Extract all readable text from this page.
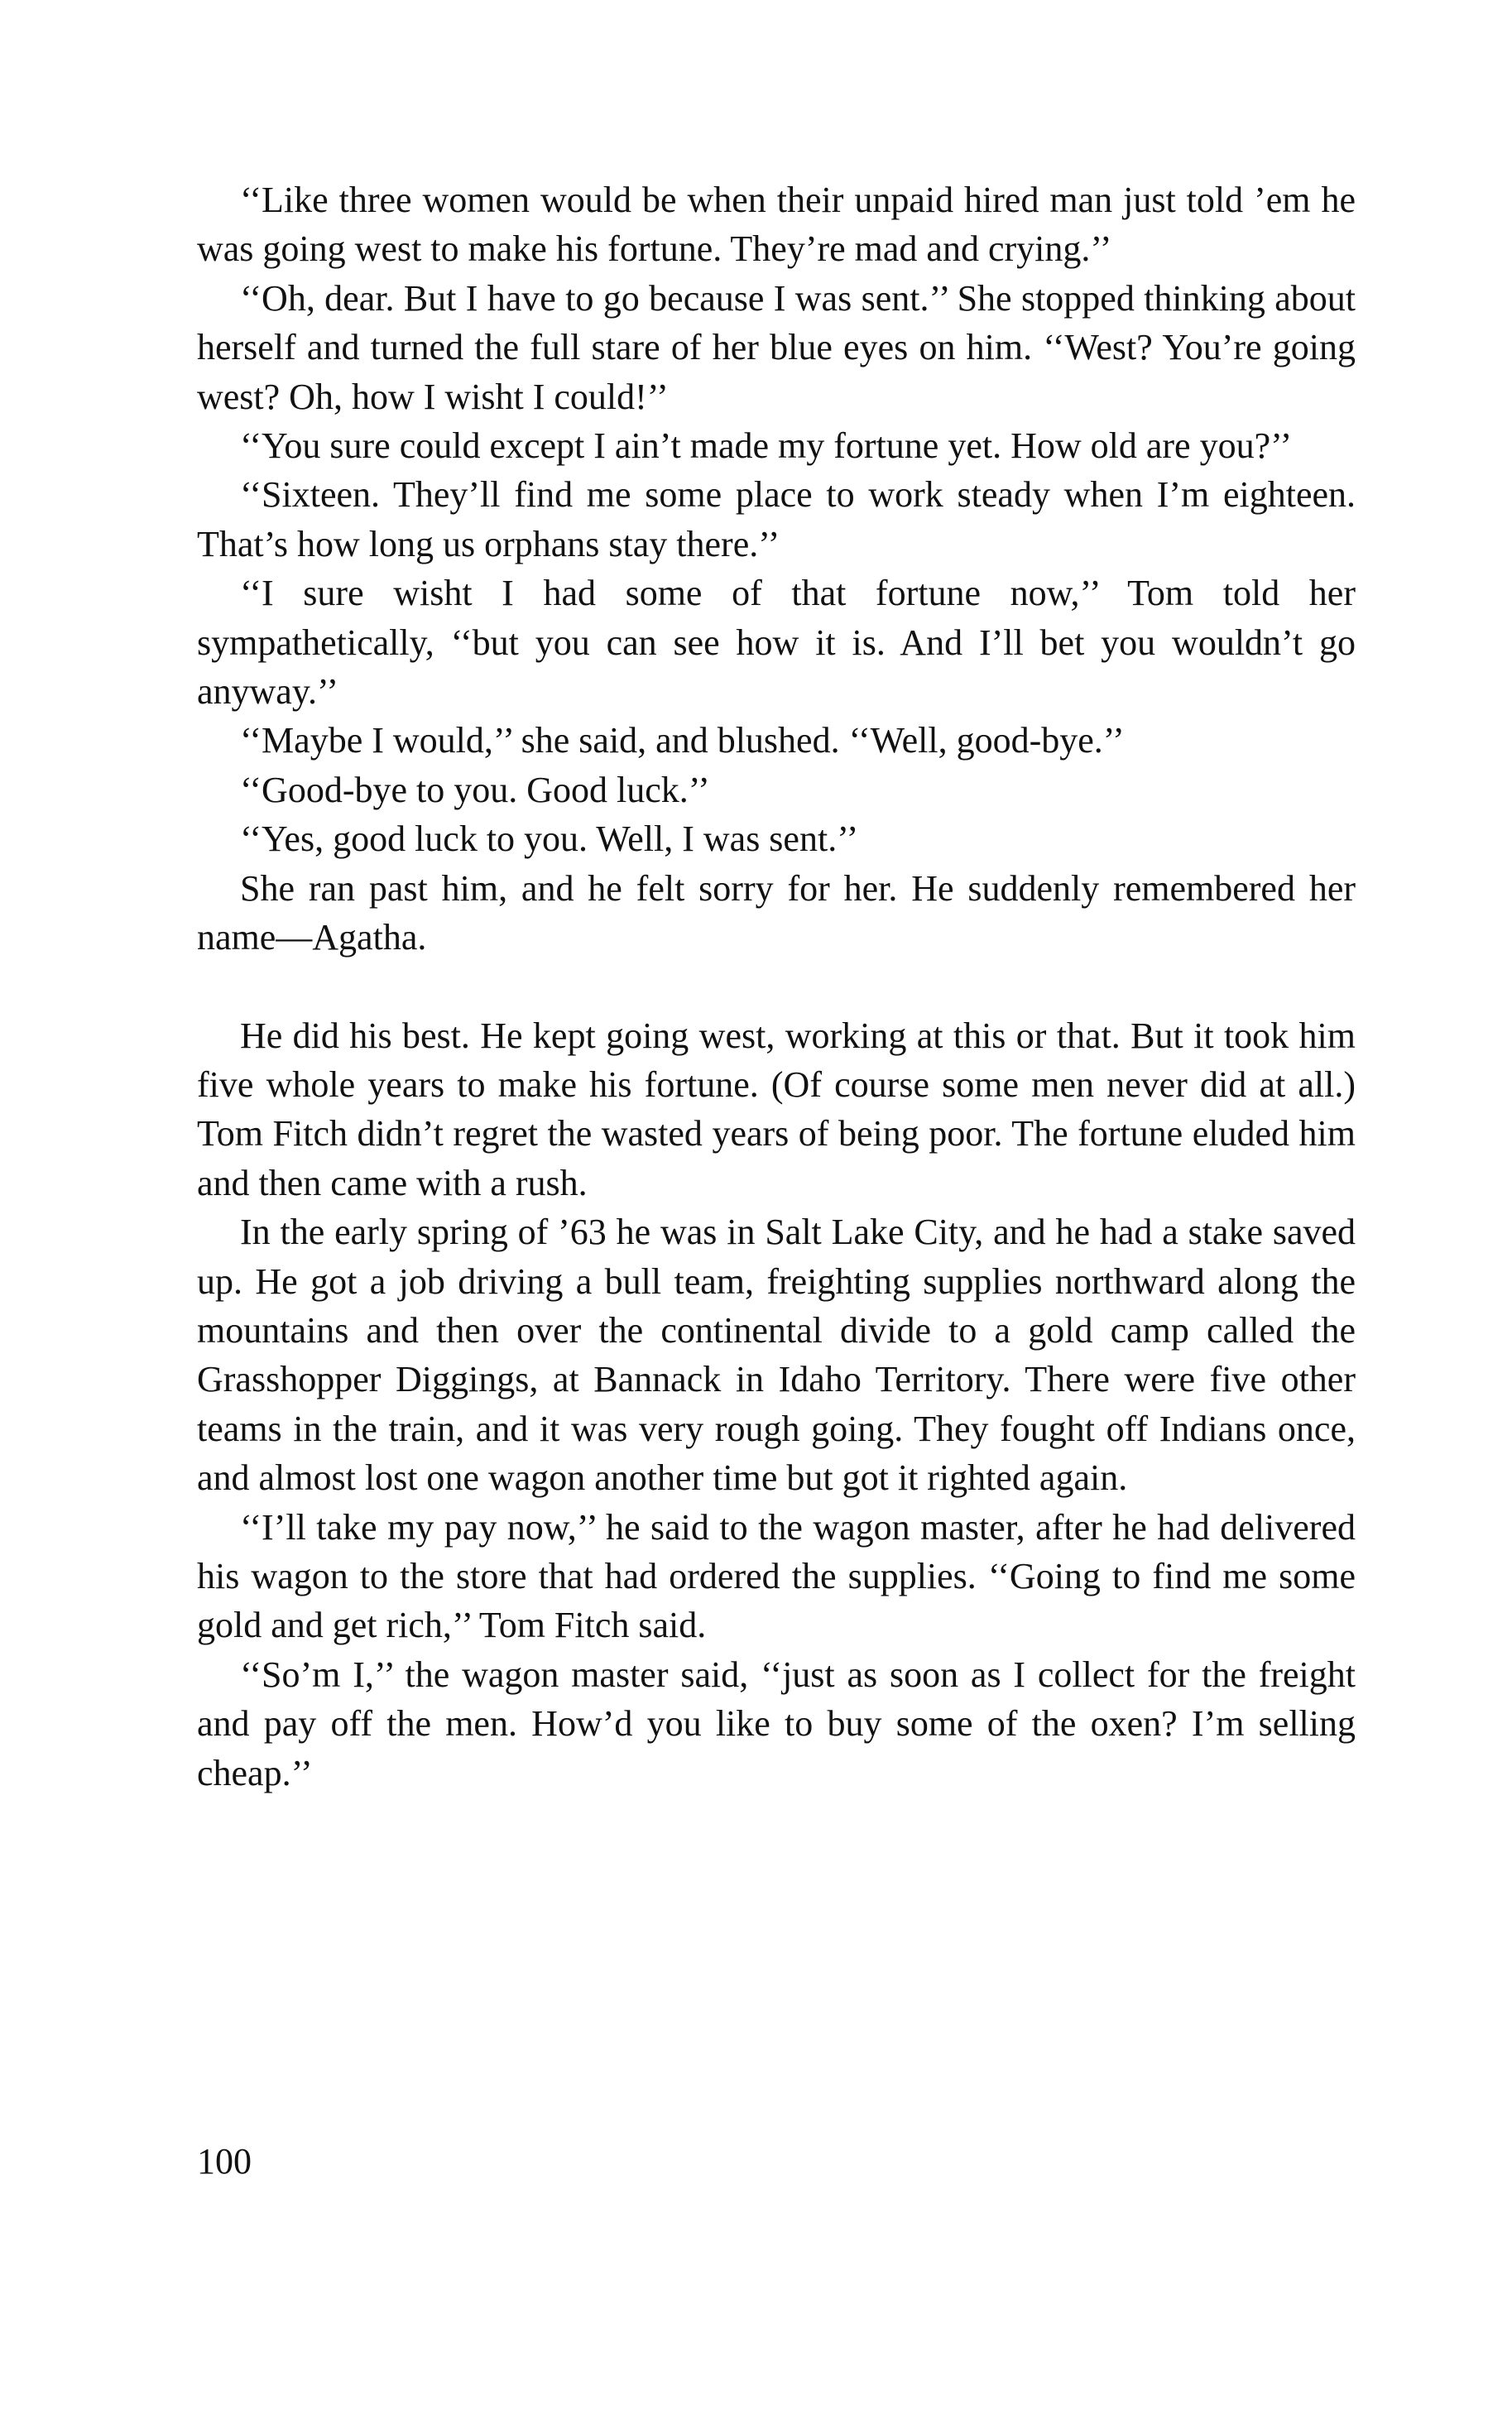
‘‘Like three women would be when their unpaid hired man just told ’em he was going west to make his fortune. They’re mad and crying.’’

‘‘Oh, dear. But I have to go because I was sent.’’ She stopped thinking about herself and turned the full stare of her blue eyes on him. ‘‘West? You’re going west? Oh, how I wisht I could!’’

‘‘You sure could except I ain’t made my fortune yet. How old are you?’’

‘‘Sixteen. They’ll find me some place to work steady when I’m eighteen. That’s how long us orphans stay there.’’

‘‘I sure wisht I had some of that fortune now,’’ Tom told her sympathetically, ‘‘but you can see how it is. And I’ll bet you wouldn’t go anyway.’’

‘‘Maybe I would,’’ she said, and blushed. ‘‘Well, good-bye.’’

‘‘Good-bye to you. Good luck.’’

‘‘Yes, good luck to you. Well, I was sent.’’

She ran past him, and he felt sorry for her. He suddenly remembered her name—Agatha.

He did his best. He kept going west, working at this or that. But it took him five whole years to make his fortune. (Of course some men never did at all.) Tom Fitch didn’t regret the wasted years of being poor. The fortune eluded him and then came with a rush.

In the early spring of ’63 he was in Salt Lake City, and he had a stake saved up. He got a job driving a bull team, freighting supplies northward along the mountains and then over the continental divide to a gold camp called the Grasshopper Diggings, at Bannack in Idaho Territory. There were five other teams in the train, and it was very rough going. They fought off Indians once, and almost lost one wagon another time but got it righted again.

‘‘I’ll take my pay now,’’ he said to the wagon master, after he had delivered his wagon to the store that had ordered the supplies. ‘‘Going to find me some gold and get rich,’’ Tom Fitch said.

‘‘So’m I,’’ the wagon master said, ‘‘just as soon as I collect for the freight and pay off the men. How’d you like to buy some of the oxen? I’m selling cheap.’’

100
